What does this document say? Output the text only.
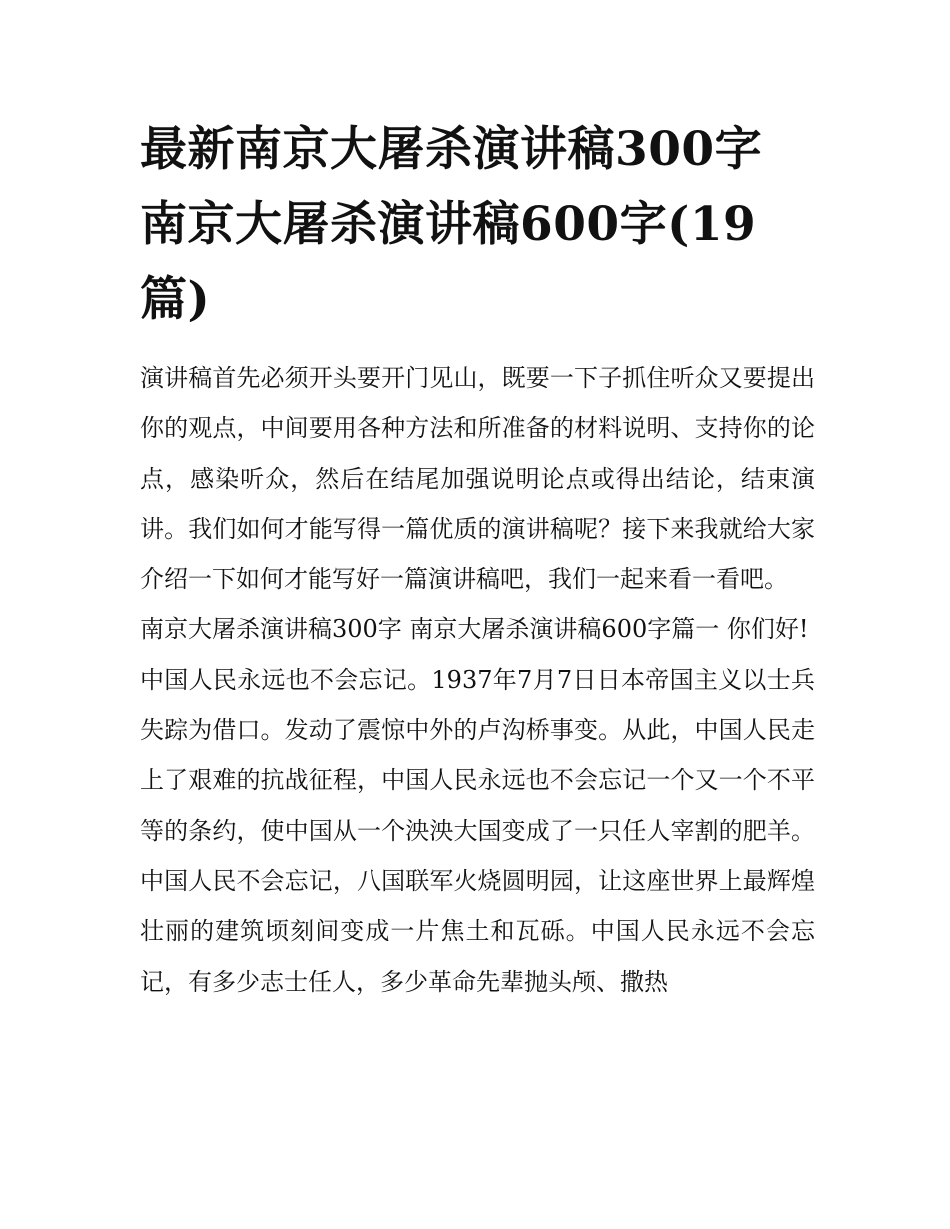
最新南京大屠杀演讲稿300字 南京大屠杀演讲稿600字(19篇)

演讲稿首先必须开头要开门见山，既要一下子抓住听众又要提出你的观点，中间要用各种方法和所准备的材料说明、支持你的论点，感染听众，然后在结尾加强说明论点或得出结论，结束演讲。我们如何才能写得一篇优质的演讲稿呢？接下来我就给大家介绍一下如何才能写好一篇演讲稿吧，我们一起来看一看吧。

南京大屠杀演讲稿300字 南京大屠杀演讲稿600字篇一 你们好!

中国人民永远也不会忘记。1937年7月7日日本帝国主义以士兵失踪为借口。发动了震惊中外的卢沟桥事变。从此，中国人民走上了艰难的抗战征程，中国人民永远也不会忘记一个又一个不平等的条约，使中国从一个泱泱大国变成了一只任人宰割的肥羊。中国人民不会忘记，八国联军火烧圆明园，让这座世界上最辉煌壮丽的建筑顷刻间变成一片焦土和瓦砾。中国人民永远不会忘记，有多少志士任人，多少革命先辈抛头颅、撒热
